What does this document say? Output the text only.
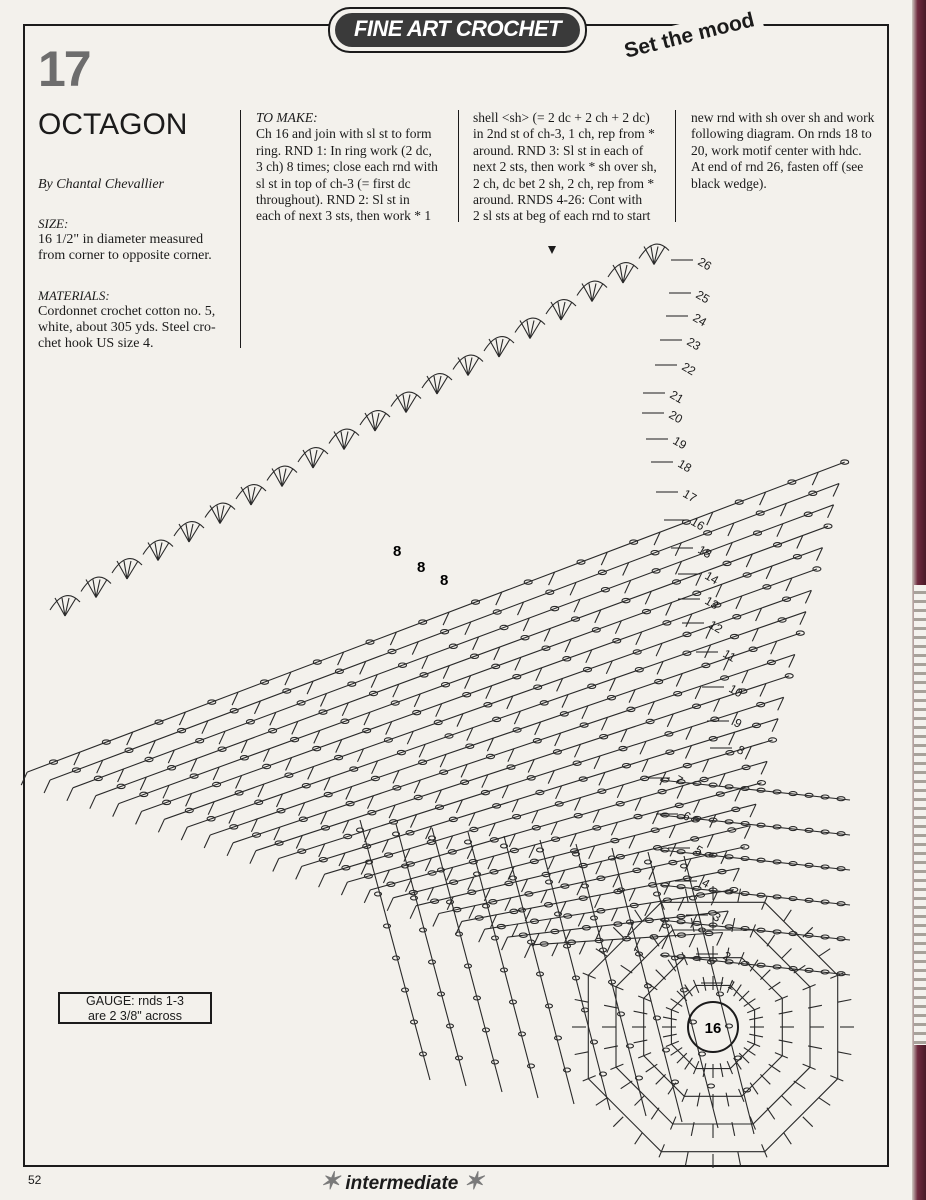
FINE ART CROCHET	Set the mood
17
OCTAGON
By Chantal Chevallier
SIZE:
16 1/2" in diameter measured
from corner to opposite corner.
MATERIALS:
Cordonnet crochet cotton no. 5,
white, about 305 yds. Steel cro-
chet hook US size 4.
TO MAKE:
Ch 16 and join with sl st to form
ring. RND 1: In ring work (2 dc,
3 ch) 8 times; close each rnd with
sl st in top of ch-3 (= first dc
throughout). RND 2: Sl st in
each of next 3 sts, then work * 1
shell <sh> (= 2 dc + 2 ch + 2 dc)
in 2nd st of ch-3, 1 ch, rep from *
around. RND 3: Sl st in each of
next 2 sts, then work * sh over sh,
2 ch, dc bet 2 sh, 2 ch, rep from *
around. RNDS 4-26: Cont with
2 sl sts at beg of each rnd to start
new rnd with sh over sh and work
following diagram. On rnds 18 to
20, work motif center with hdc.
At end of rnd 26, fasten off (see
black wedge).
16
8
8
8
1
2
3
4
5
6
7
8
9
10
11
12
13
14
15
16
17
18
19
20
21
22
23
24
25
26
GAUGE: rnds 1-3
are 2 3/8" across
✶ intermediate ✶
52
